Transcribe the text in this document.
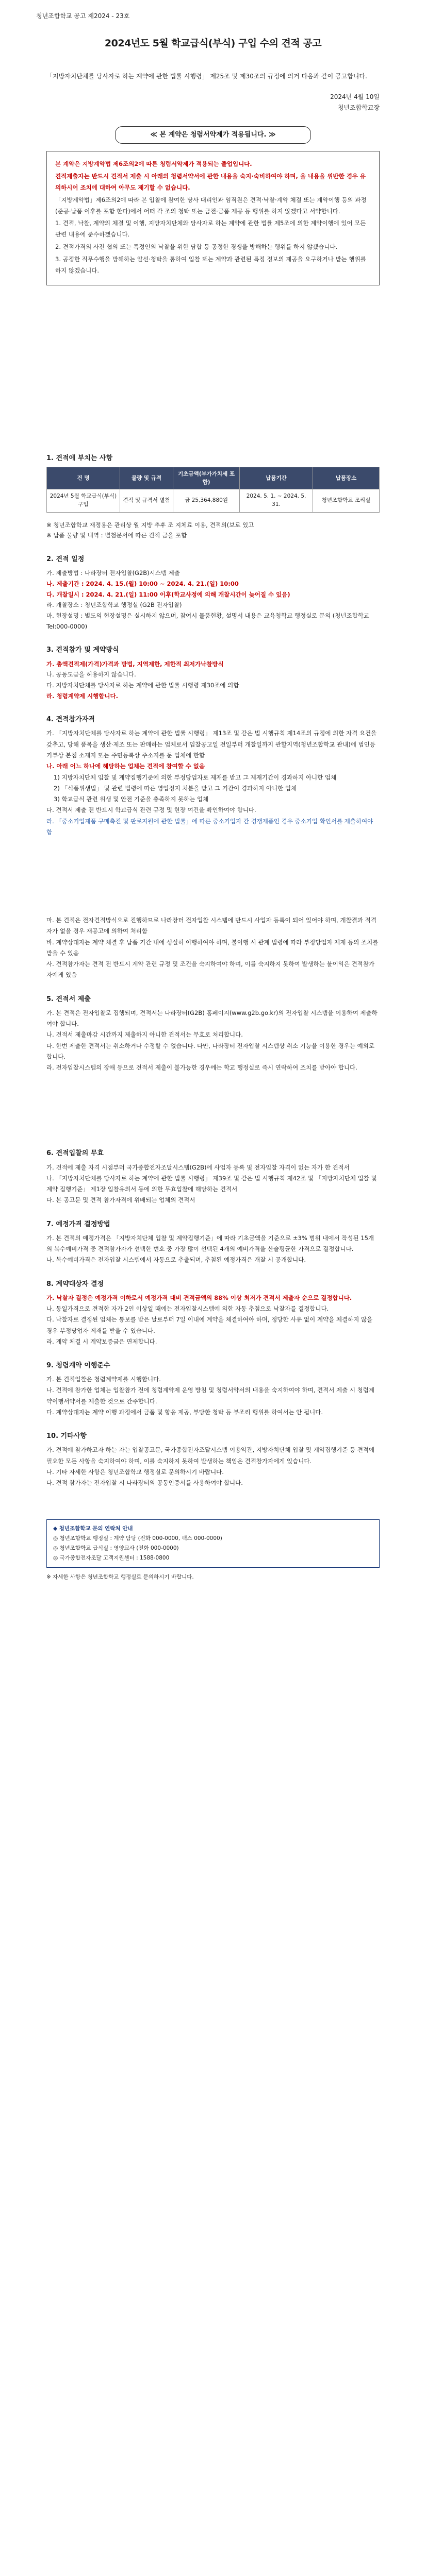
청년조합학교 공고 제2024 - 23호
2024년도 5월 학교급식(부식) 구입 수의 견적 공고
「지방자치단체를 당사자로 하는 계약에 관한 법률 시행령」 제25조 및 제30조의 규정에 의거 다음과 같이 공고합니다.
2024년 4월 10일
청년조합학교장
≪ 본 계약은 청렴서약제가 적용됩니다. ≫

본 계약은 지방계약법 제6조의2에 따른 청렴서약제가 적용되는 졸업입니다.

견적제출자는 반드시 견적서 제출 시 아래의 청렴서약서에 관한 내용을 숙지·숙비하여야 하며, 을 내용을 위반한 경우 유의하시어 조치에 대하여 아무도 제기할 수 없습니다.

「지방계약법」제6조의2에 따라 본 입찰에 참여한 당사 대리인과 임직원은 견적·낙찰·계약 체결 또는 계약이행 등의 과정(준공·납품 이후를 포함 한다)에서 어떠 각 조의 청탁 또는 금전·금품 제공 등 행위를 하지 않겠다고 서약합니다.

1. 견적, 낙찰, 계약의 체결 및 이행, 지방자치단체와 당사자로 하는 계약에 관한 법률 제5조에 의한 계약이행에 있어 모든 관련 내용에 준수하겠습니다.

2. 견적가격의 사전 협의 또는 특정인의 낙찰을 위한 담합 등 공정한 경쟁을 방해하는 행위를 하지 않겠습니다.

3. 공정한 직무수행을 방해하는 알선·청탁을 통하여 입찰 또는 계약과 관련된 특정 정보의 제공을 요구하거나 받는 행위를 하지 않겠습니다.

1. 견적에 부치는 사항
건 명	물량 및 규격	기초금액(부가가치세 포함)	납품기간	납품장소
2024년 5월 학교급식(부식) 구입	견적 및 규격서 별첨	금 25,364,880원	2024. 5. 1. ~ 2024. 5. 31.	청년조합학교 조리실

※ 청년조합학교 재정용은 관리상 월 지방 추후 조 지체료 이용, 견적의(보로 있고

※ 납품 물량 및 내역 : 별첨문서에 따른 견적 금을 포함

2. 견적 일정

가. 제출방법 : 나라장터 전자입찰(G2B)시스템 제출

나. 제출기간 : 2024. 4. 15.(월) 10:00 ~ 2024. 4. 21.(일) 10:00

다. 개찰일시 : 2024. 4. 21.(일) 11:00 이후(학교사정에 의해 개찰시간이 늦어질 수 있음)

라. 개찰장소 : 청년조합학교 행정실 (G2B 전자입찰)

마. 현장설명 : 별도의 현장설명은 실시하지 않으며, 참여시 물품현황, 설명서 내용은 교육청학교 행정실로 문의 (청년조합학교 Tel:000-0000)

3. 견적참가 및 계약방식

가. 총액견적제(가격)가격과 방법, 지역제한, 제한적 최저가낙찰방식

나. 공동도급을 허용하지 않습니다.

다. 지방자치단체를 당사자로 하는 계약에 관한 법률 시행령 제30조에 의함

라. 청렴계약제 시행합니다.

4. 견적참가자격

가. 「지방자치단체를 당사자로 하는 계약에 관한 법률 시행령」 제13조 및 같은 법 시행규칙 제14조의 규정에 의한 자격 요건을 갖추고, 당해 품목을 생산·제조 또는 판매하는 업체로서 입찰공고일 전일부터 개찰일까지 관할지역(청년조합학교 관내)에 법인등기부상 본점 소재지 또는 주민등록상 주소지를 둔 업체에 한함

나. 아래 어느 하나에 해당하는 업체는 견적에 참여할 수 없음

1) 지방자치단체 입찰 및 계약집행기준에 의한 부정당업자로 제재를 받고 그 제재기간이 경과하지 아니한 업체

2) 「식품위생법」 및 관련 법령에 따른 영업정지 처분을 받고 그 기간이 경과하지 아니한 업체

3) 학교급식 관련 위생 및 안전 기준을 충족하지 못하는 업체

다. 견적서 제출 전 반드시 학교급식 관련 규정 및 현장 여건을 확인하여야 합니다.

라. 「중소기업제품 구매촉진 및 판로지원에 관한 법률」에 따른 중소기업자 간 경쟁제품인 경우 중소기업 확인서를 제출하여야 함

마. 본 견적은 전자견적방식으로 진행하므로 나라장터 전자입찰 시스템에 반드시 사업자 등록이 되어 있어야 하며, 개찰결과 적격자가 없을 경우 재공고에 의하여 처리함

바. 계약상대자는 계약 체결 후 납품 기간 내에 성실히 이행하여야 하며, 불이행 시 관계 법령에 따라 부정당업자 제재 등의 조치를 받을 수 있음

사. 견적참가자는 견적 전 반드시 계약 관련 규정 및 조건을 숙지하여야 하며, 이를 숙지하지 못하여 발생하는 불이익은 견적참가자에게 있음

5. 견적서 제출

가. 본 견적은 전자입찰로 집행되며, 견적서는 나라장터(G2B) 홈페이지(www.g2b.go.kr)의 전자입찰 시스템을 이용하여 제출하여야 합니다.

나. 견적서 제출마감 시간까지 제출하지 아니한 견적서는 무효로 처리합니다.

다. 한번 제출한 견적서는 취소하거나 수정할 수 없습니다. 다만, 나라장터 전자입찰 시스템상 취소 기능을 이용한 경우는 예외로 합니다.

라. 전자입찰시스템의 장애 등으로 견적서 제출이 불가능한 경우에는 학교 행정실로 즉시 연락하여 조치를 받아야 합니다.

6. 견적입찰의 무효

가. 견적에 제출 자격 시점부터 국가종합전자조달시스템(G2B)에 사업자 등록 및 전자입찰 자격이 없는 자가 한 견적서

나. 「지방자치단체를 당사자로 하는 계약에 관한 법률 시행령」 제39조 및 같은 법 시행규칙 제42조 및 「지방자치단체 입찰 및 계약 집행기준」 제1장 입찰유의서 등에 의한 무효입찰에 해당하는 견적서

다. 본 공고문 및 견적 참가자격에 위배되는 업체의 견적서

7. 예정가격 결정방법

가. 본 견적의 예정가격은 「지방자치단체 입찰 및 계약집행기준」에 따라 기초금액을 기준으로 ±3% 범위 내에서 작성된 15개의 복수예비가격 중 견적참가자가 선택한 번호 중 가장 많이 선택된 4개의 예비가격을 산술평균한 가격으로 결정합니다.

나. 복수예비가격은 전자입찰 시스템에서 자동으로 추출되며, 추첨된 예정가격은 개찰 시 공개합니다.

8. 계약대상자 결정

가. 낙찰자 결정은 예정가격 이하로서 예정가격 대비 견적금액의 88% 이상 최저가 견적서 제출자 순으로 결정합니다.

나. 동일가격으로 견적한 자가 2인 이상일 때에는 전자입찰시스템에 의한 자동 추첨으로 낙찰자를 결정합니다.

다. 낙찰자로 결정된 업체는 통보를 받은 날로부터 7일 이내에 계약을 체결하여야 하며, 정당한 사유 없이 계약을 체결하지 않을 경우 부정당업자 제재를 받을 수 있습니다.

라. 계약 체결 시 계약보증금은 면제합니다.

9. 청렴계약 이행준수

가. 본 견적입찰은 청렴계약제를 시행합니다.

나. 견적에 참가한 업체는 입찰참가 전에 청렴계약제 운영 방침 및 청렴서약서의 내용을 숙지하여야 하며, 견적서 제출 시 청렴계약이행서약서를 제출한 것으로 간주합니다.

다. 계약상대자는 계약 이행 과정에서 금품 및 향응 제공, 부당한 청탁 등 부조리 행위를 하여서는 안 됩니다.

10. 기타사항

가. 견적에 참가하고자 하는 자는 입찰공고문, 국가종합전자조달시스템 이용약관, 지방자치단체 입찰 및 계약집행기준 등 견적에 필요한 모든 사항을 숙지하여야 하며, 이를 숙지하지 못하여 발생하는 책임은 견적참가자에게 있습니다.

나. 기타 자세한 사항은 청년조합학교 행정실로 문의하시기 바랍니다.

다. 견적 참가자는 전자입찰 시 나라장터의 공동인증서를 사용하여야 합니다.

◆ 청년조합학교 문의 연락처 안내
◎ 청년조합학교 행정실 : 계약 담당 (전화 000-0000, 팩스 000-0000)
◎ 청년조합학교 급식실 : 영양교사 (전화 000-0000)
◎ 국가종합전자조달 고객지원센터 : 1588-0800
※ 자세한 사항은 청년조합학교 행정실로 문의하시기 바랍니다.
